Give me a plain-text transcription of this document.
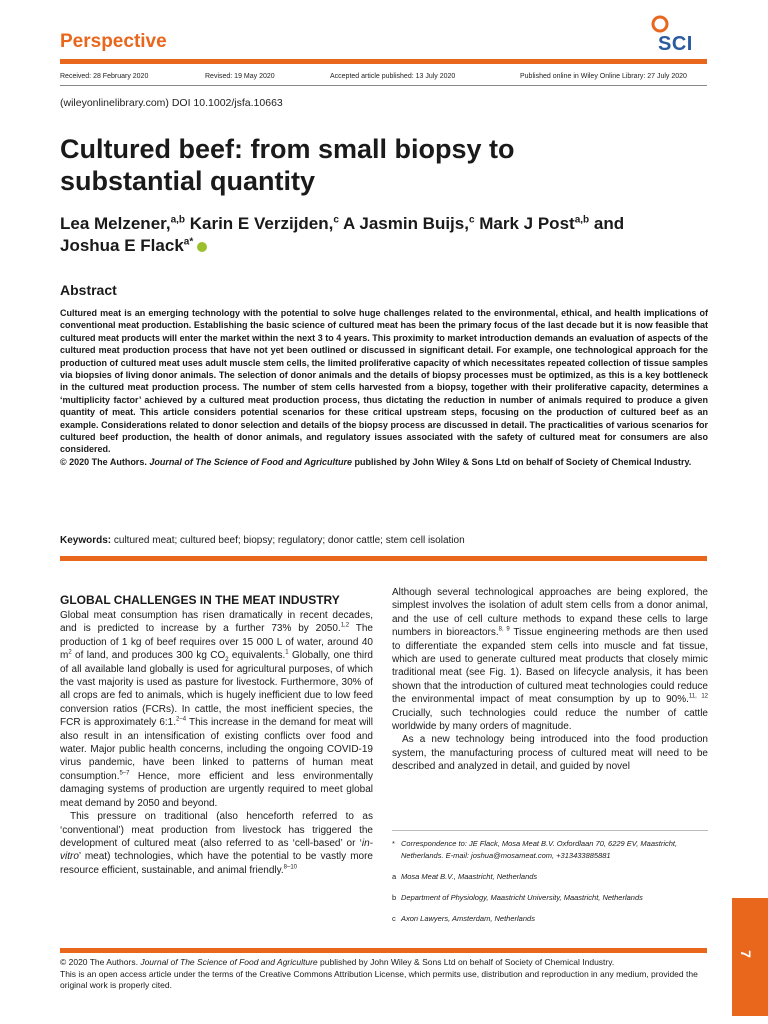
Perspective	SCI
Received: 28 February 2020	Revised: 19 May 2020	Accepted article published: 13 July 2020	Published online in Wiley Online Library: 27 July 2020
(wileyonlinelibrary.com) DOI 10.1002/jsfa.10663
Cultured beef: from small biopsy to
substantial quantity
Lea Melzener,$^{a,b}$ Karin E Verzijden,$^c$ A Jasmin Buijs,$^c$ Mark J Post$^{a,b}$ and
Joshua E Flack$^{a*}$
Abstract
Cultured meat is an emerging technology with the potential to solve huge challenges related to the environmental, ethical, and health implications of conventional meat production. Establishing the basic science of cultured meat has been the primary focus of the last decade but it is now feasible that cultured meat products will enter the market within the next 3 to 4 years. This proximity to market introduction demands an evaluation of aspects of the cultured meat production process that have not yet been outlined or discussed in significant detail. For example, one technological approach for the production of cultured meat uses adult muscle stem cells, the limited proliferative capacity of which necessitates repeated collection of tissue samples via biopsies of living donor animals. The selection of donor animals and the details of biopsy processes must be optimized, as this is a key bottleneck in the cultured meat production process. The number of stem cells harvested from a biopsy, together with their proliferative capacity, determines a ‘multiplicity factor’ achieved by a cultured meat production process, thus dictating the reduction in number of animals required to produce a given quantity of meat. This article considers potential scenarios for these critical upstream steps, focusing on the production of cultured beef as an example. Considerations related to donor selection and details of the biopsy process are discussed in detail. The practicalities of various scenarios for cultured beef production, the health of donor animals, and regulatory issues associated with the safety of cultured meat for consumers are also considered.
© 2020 The Authors. Journal of The Science of Food and Agriculture published by John Wiley & Sons Ltd on behalf of Society of Chemical Industry.
Keywords: cultured meat; cultured beef; biopsy; regulatory; donor cattle; stem cell isolation
GLOBAL CHALLENGES IN THE MEAT INDUSTRY

Global meat consumption has risen dramatically in recent decades, and is predicted to increase by a further 73% by 2050.$^{1,2}$ The production of 1 kg of beef requires over 15 000 L of water, around 40 $m^2$ of land, and produces 300 kg $CO_2$ equivalents.$^1$ Globally, one third of all available land globally is used for agricultural purposes, of which the vast majority is used as pasture for livestock. Furthermore, 30% of all crops are fed to animals, which is hugely inefficient due to low feed conversion ratios (FCRs). In cattle, the most inefficient species, the FCR is approximately 6:1.$^{2-4}$ This increase in the demand for meat will also result in an intensification of existing conflicts over food and water. Major public health concerns, including the ongoing COVID-19 virus pandemic, have been linked to patterns of human meat consumption.$^{5-7}$ Hence, more efficient and less environmentally damaging systems of production are urgently required to meet global meat demand by 2050 and beyond.

This pressure on traditional (also henceforth referred to as ‘conventional’) meat production from livestock has triggered the development of cultured meat (also referred to as ‘cell-based’ or ‘in-vitro’ meat) technologies, which have the potential to be vastly more resource efficient, sustainable, and animal friendly.$^{8-10}$

Although several technological approaches are being explored, the simplest involves the isolation of adult stem cells from a donor animal, and the use of cell culture methods to expand these cells to large numbers in bioreactors.$^{8, 9}$ Tissue engineering methods are then used to differentiate the expanded stem cells into muscle and fat tissue, which are used to generate cultured meat products that closely mimic traditional meat (see Fig. 1). Based on lifecycle analysis, it has been shown that the introduction of cultured meat technologies could reduce the environmental impact of meat consumption by up to 90%.$^{11, 12}$ Crucially, such technologies could reduce the number of cattle worldwide by many orders of magnitude.

As a new technology being introduced into the food production system, the manufacturing process of cultured meat will need to be described and analyzed in detail, and guided by novel

* Correspondence to: JE Flack, Mosa Meat B.V. Oxfordlaan 70, 6229 EV, Maastricht, Netherlands. E-mail: joshua@mosameat.com, +313433885881
a Mosa Meat B.V., Maastricht, Netherlands
b Department of Physiology, Maastricht University, Maastricht, Netherlands
c Axon Lawyers, Amsterdam, Netherlands
© 2020 The Authors. Journal of The Science of Food and Agriculture published by John Wiley & Sons Ltd on behalf of Society of Chemical Industry.
This is an open access article under the terms of the Creative Commons Attribution License, which permits use, distribution and reproduction in any medium, provided the original work is properly cited.
7
